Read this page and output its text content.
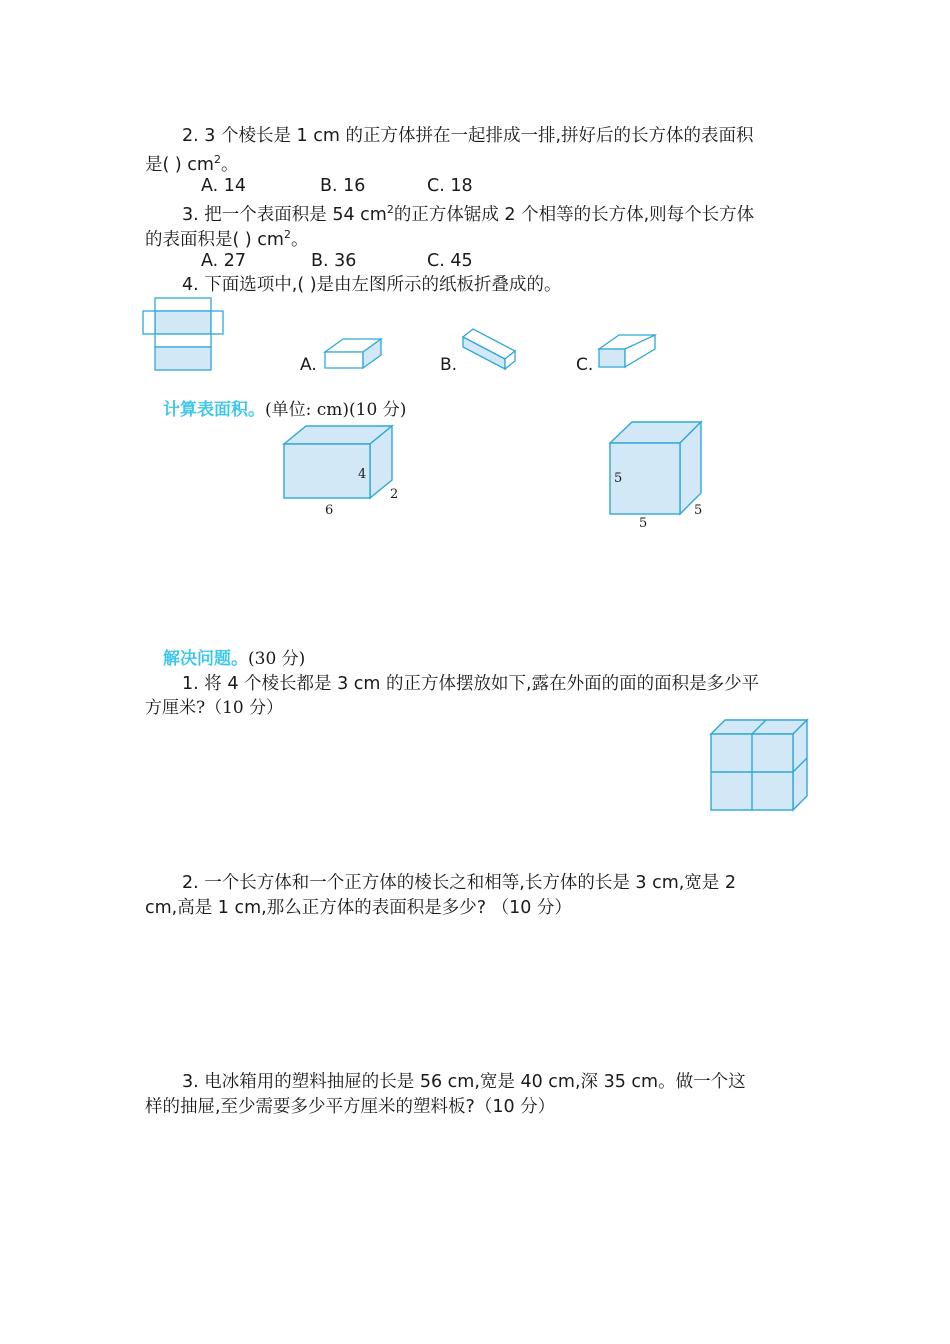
2. 3 个棱长是 1 cm 的正方体拼在一起排成一排,拼好后的长方体的表面积
是( ) $cm^2$。
A. 14	B. 16	C. 18
3. 把一个表面积是 54 $cm^2$的正方体锯成 2 个相等的长方体,则每个长方体
的表面积是( ) $cm^2$。
A. 27	B. 36	C. 45
4. 下面选项中,( )是由左图所示的纸板折叠成的。
A.	B.	C.
计算表面积。(单位: cm)(10 分)
4
2
6
5
5
5
解决问题。(30 分)
1. 将 4 个棱长都是 3 cm 的正方体摆放如下,露在外面的面的面积是多少平
方厘米?（10 分）
2. 一个长方体和一个正方体的棱长之和相等,长方体的长是 3 cm,宽是 2
cm,高是 1 cm,那么正方体的表面积是多少? （10 分）
3. 电冰箱用的塑料抽屉的长是 56 cm,宽是 40 cm,深 35 cm。做一个这
样的抽屉,至少需要多少平方厘米的塑料板?（10 分）
